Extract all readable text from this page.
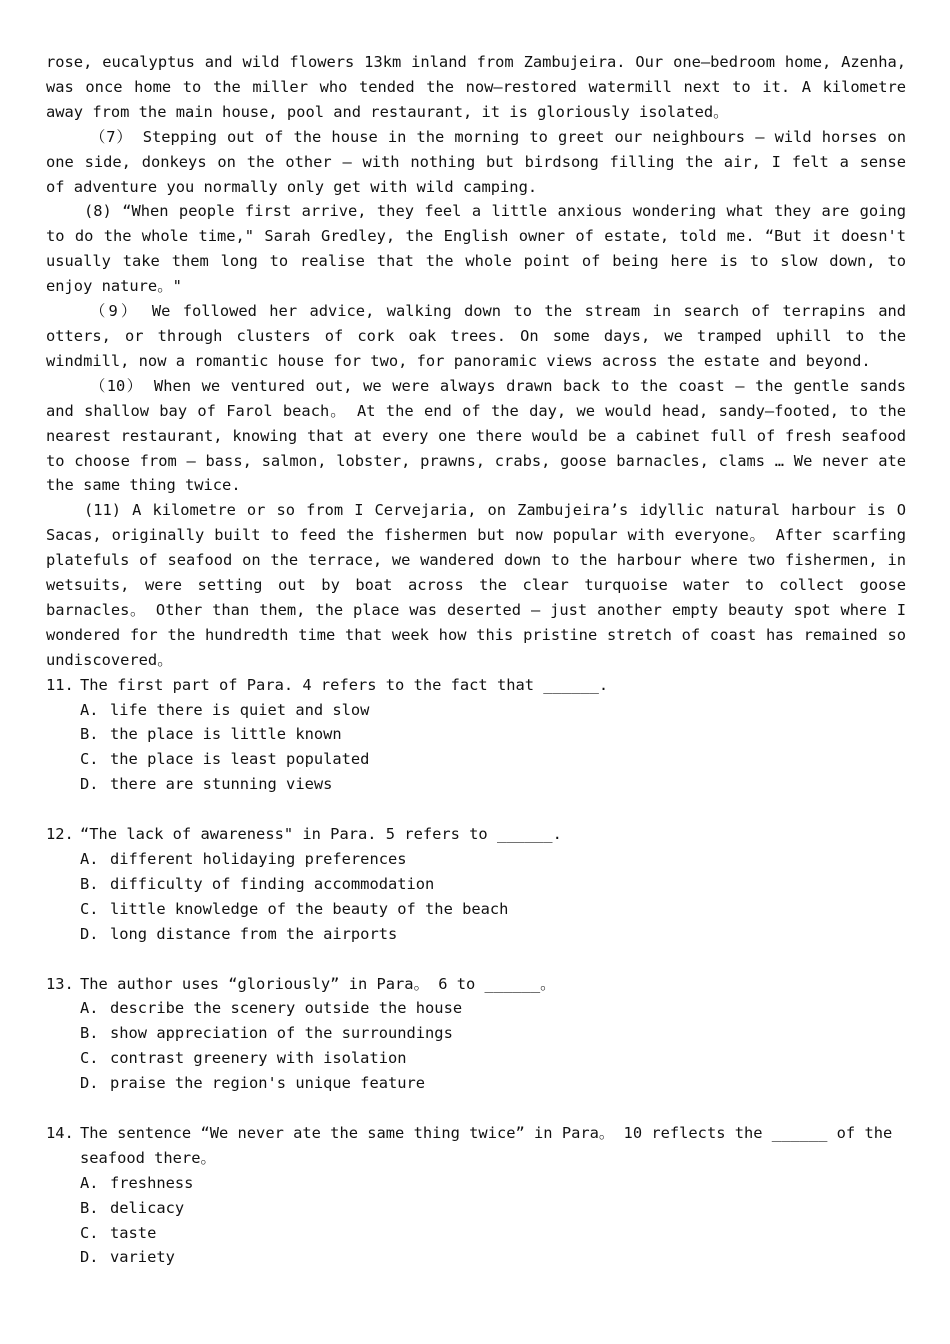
rose, eucalyptus and wild flowers 13km inland from Zambujeira. Our one—bedroom home, Azenha, was once home to the miller who tended the now—restored watermill next to it. A kilometre away from the main house, pool and restaurant, it is gloriously isolated。

（7） Stepping out of the house in the morning to greet our neighbours – wild horses on one side, donkeys on the other – with nothing but birdsong filling the air, I felt a sense of adventure you normally only get with wild camping.

(8) “When people first arrive, they feel a little anxious wondering what they are going to do the whole time," Sarah Gredley, the English owner of estate, told me. “But it doesn't usually take them long to realise that the whole point of being here is to slow down, to enjoy nature。"

（9） We followed her advice, walking down to the stream in search of terrapins and otters, or through clusters of cork oak trees. On some days, we tramped uphill to the windmill, now a romantic house for two, for panoramic views across the estate and beyond.

（10） When we ventured out, we were always drawn back to the coast – the gentle sands and shallow bay of Farol beach。 At the end of the day, we would head, sandy—footed, to the nearest restaurant, knowing that at every one there would be a cabinet full of fresh seafood to choose from – bass, salmon, lobster, prawns, crabs, goose barnacles, clams … We never ate the same thing twice.

(11) A kilometre or so from I Cervejaria, on Zambujeira’s idyllic natural harbour is O Sacas, originally built to feed the fishermen but now popular with everyone。 After scarfing platefuls of seafood on the terrace, we wandered down to the harbour where two fishermen, in wetsuits, were setting out by boat across the clear turquoise water to collect goose barnacles。 Other than them, the place was deserted – just another empty beauty spot where I wondered for the hundredth time that week how this pristine stretch of coast has remained so undiscovered。

11. The first part of Para. 4 refers to the fact that ______.

A. life there is quiet and slow

B. the place is little known

C. the place is least populated

D. there are stunning views

12. “The lack of awareness" in Para. 5 refers to ______.

A. different holidaying preferences

B. difficulty of finding accommodation

C. little knowledge of the beauty of the beach

D. long distance from the airports

13. The author uses “gloriously” in Para。 6 to ______。

A. describe the scenery outside the house

B. show appreciation of the surroundings

C. contrast greenery with isolation

D. praise the region's unique feature

14. The sentence “We never ate the same thing twice” in Para。 10 reflects the ______ of the seafood there。

A. freshness

B. delicacy

C. taste

D. variety
